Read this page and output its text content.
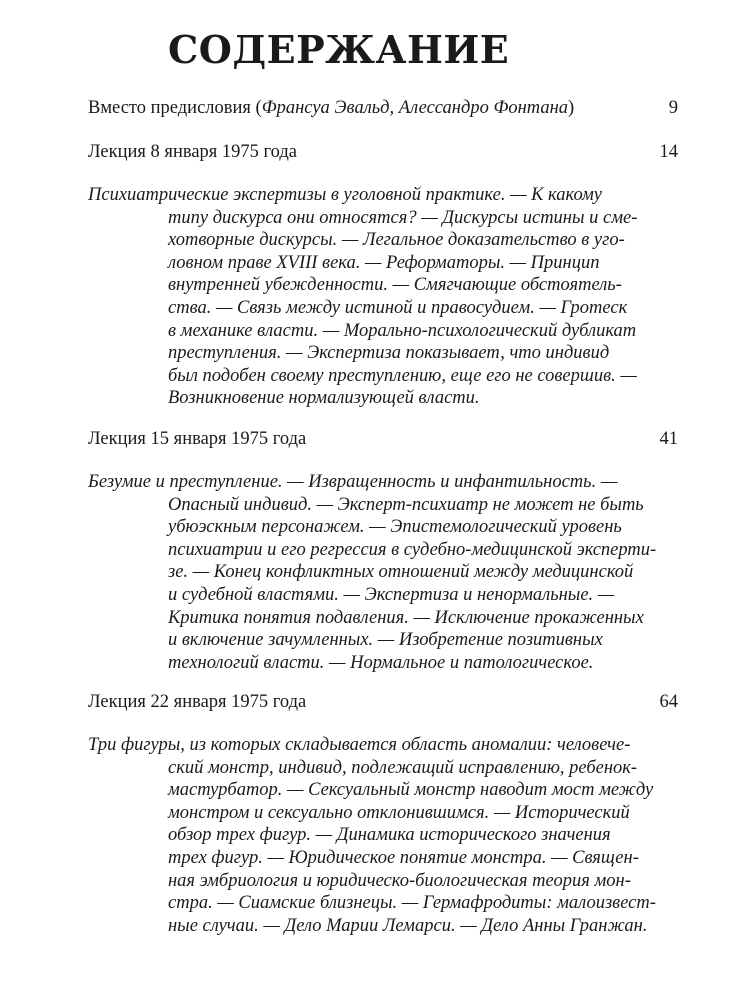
СОДЕРЖАНИЕ
Вместо предисловия (Франсуа Эвальд, Алессандро Фонтана)	9
Лекция 8 января 1975 года	14

Психиатрические экспертизы в уголовной практике. — К какому
типу дискурса они относятся? — Дискурсы истины и сме-
хотворные дискурсы. — Легальное доказательство в уго-
ловном праве XVIII века. — Реформаторы. — Принцип
внутренней убежденности. — Смягчающие обстоятель-
ства. — Связь между истиной и правосудием. — Гротеск
в механике власти. — Морально-психологический дубликат
преступления. — Экспертиза показывает, что индивид
был подобен своему преступлению, еще его не совершив. —
Возникновение нормализующей власти.

Лекция 15 января 1975 года	41

Безумие и преступление. — Извращенность и инфантильность. —
Опасный индивид. — Эксперт-психиатр не может не быть
убюэскным персонажем. — Эпистемологический уровень
психиатрии и его регрессия в судебно-медицинской эксперти-
зе. — Конец конфликтных отношений между медицинской
и судебной властями. — Экспертиза и ненормальные. —
Критика понятия подавления. — Исключение прокаженных
и включение зачумленных. — Изобретение позитивных
технологий власти. — Нормальное и патологическое.

Лекция 22 января 1975 года	64

Три фигуры, из которых складывается область аномалии: человече-
ский монстр, индивид, подлежащий исправлению, ребенок-
мастурбатор. — Сексуальный монстр наводит мост между
монстром и сексуально отклонившимся. — Исторический
обзор трех фигур. — Динамика исторического значения
трех фигур. — Юридическое понятие монстра. — Священ-
ная эмбриология и юридическо-биологическая теория мон-
стра. — Сиамские близнецы. — Гермафродиты: малоизвест-
ные случаи. — Дело Марии Лемарси. — Дело Анны Гранжан.
